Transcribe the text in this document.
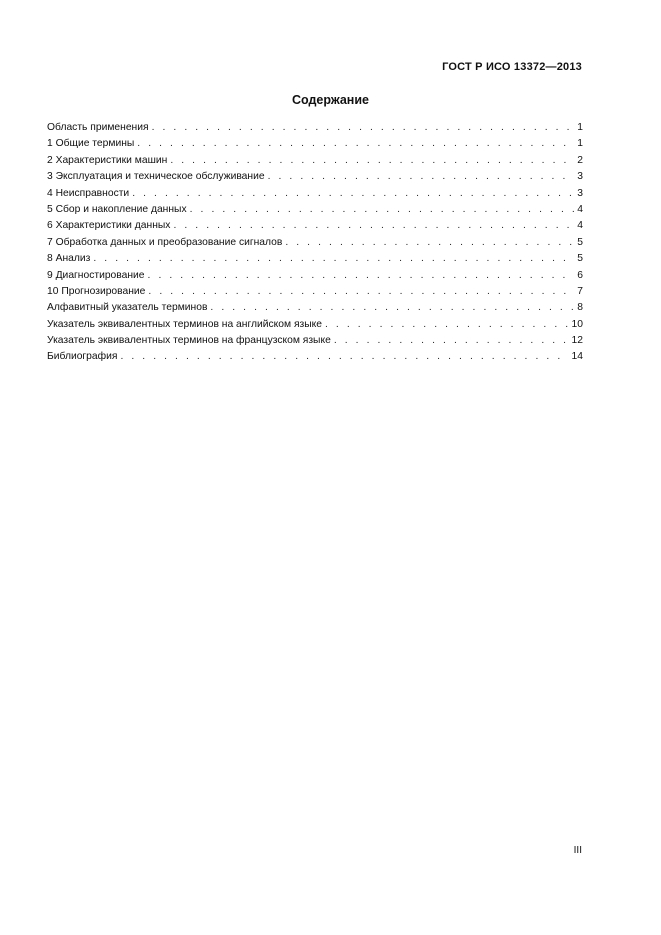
ГОСТ Р ИСО 13372—2013
Содержание
Область применения . . .	1
1 Общие термины . . .	1
2 Характеристики машин . . .	2
3 Эксплуатация и техническое обслуживание . . .	3
4 Неисправности . . .	3
5 Сбор и накопление данных . . .	4
6 Характеристики данных . . .	4
7 Обработка данных и преобразование сигналов . . .	5
8 Анализ . . .	5
9 Диагностирование . . .	6
10 Прогнозирование . . .	7
Алфавитный указатель терминов . . .	8
Указатель эквивалентных терминов на английском языке . . .	10
Указатель эквивалентных терминов на французском языке . . .	12
Библиография . . .	14
III
